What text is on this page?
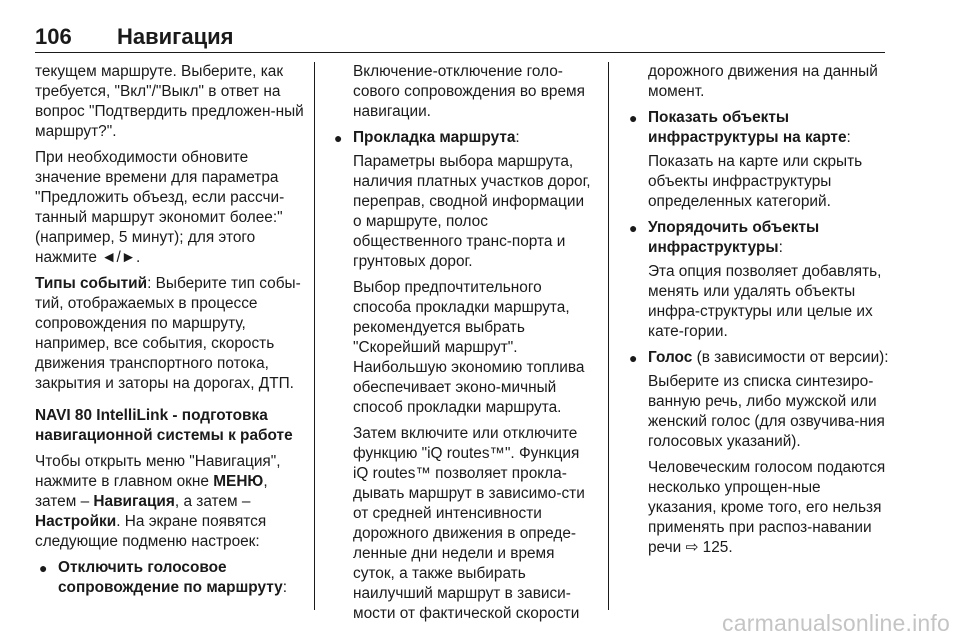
106	Навигация

текущем маршруте. Выберите, как требуется, "Вкл"/"Выкл" в ответ на вопрос "Подтвердить предложен-ный маршрут?".

При необходимости обновите значение времени для параметра "Предложить объезд, если рассчи-танный маршрут экономит более:" (например, 5 минут); для этого нажмите ◄/►.

Типы событий: Выберите тип собы-тий, отображаемых в процессе сопровождения по маршруту, например, все события, скорость движения транспортного потока, закрытия и заторы на дорогах, ДТП.

NAVI 80 IntelliLink - подготовка навигационной системы к работе

Чтобы открыть меню "Навигация", нажмите в главном окне МЕНЮ, затем – Навигация, а затем – Настройки. На экране появятся следующие подменю настроек:

● Отключить голосовое сопровождение по маршруту:

Включение-отключение голо-сового сопровождения во время навигации.

● Прокладка маршрута:

Параметры выбора маршрута, наличия платных участков дорог, переправ, сводной информации о маршруте, полос общественного транс-порта и грунтовых дорог.

Выбор предпочтительного способа прокладки маршрута, рекомендуется выбрать "Скорейший маршрут". Наибольшую экономию топлива обеспечивает эконо-мичный способ прокладки маршрута.

Затем включите или отключите функцию "iQ routes™". Функция iQ routes™ позволяет прокла-дывать маршрут в зависимо-сти от средней интенсивности дорожного движения в опреде-ленные дни недели и время суток, а также выбирать наилучший маршрут в зависи-мости от фактической скорости

дорожного движения на данный момент.

● Показать объекты инфраструктуры на карте:

Показать на карте или скрыть объекты инфраструктуры определенных категорий.

● Упорядочить объекты инфраструктуры:

Эта опция позволяет добавлять, менять или удалять объекты инфра-структуры или целые их кате-гории.

● Голос (в зависимости от версии):

Выберите из списка синтезиро-ванную речь, либо мужской или женский голос (для озвучива-ния голосовых указаний).

Человеческим голосом подаются несколько упрощен-ные указания, кроме того, его нельзя применять при распоз-навании речи ⇨ 125.

carmanualsonline.info
